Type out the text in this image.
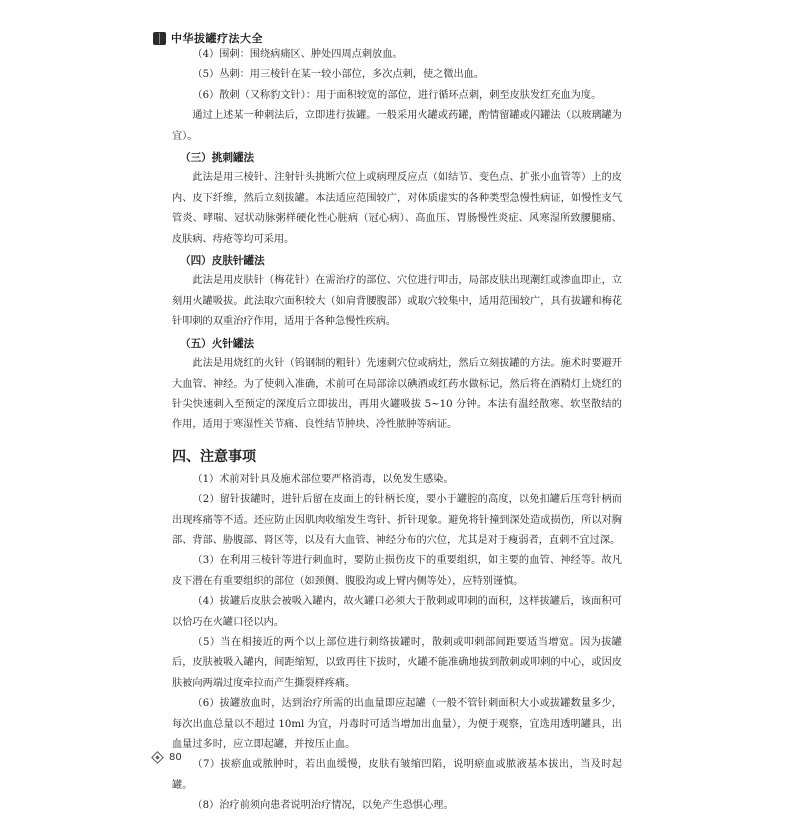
中华拔罐疗法大全

（4）围刺：围绕病痛区、肿处四周点刺放血。

（5）丛刺：用三棱针在某一较小部位，多次点刺，使之微出血。

（6）散刺（又称豹文针）：用于面积较宽的部位，进行循环点刺，刺至皮肤发红充血为度。

通过上述某一种刺法后，立即进行拔罐。一般采用火罐或药罐，酌情留罐或闪罐法（以玻璃罐为宜）。

（三）挑刺罐法

此法是用三棱针、注射针头挑断穴位上或病理反应点（如结节、变色点、扩张小血管等）上的皮内、皮下纤维，然后立刻拔罐。本法适应范围较广，对体质虚实的各种类型急慢性病证，如慢性支气管炎、哮喘、冠状动脉粥样硬化性心脏病（冠心病）、高血压、胃肠慢性炎症、风寒湿所致腰腿痛、皮肤病、痔疮等均可采用。

（四）皮肤针罐法

此法是用皮肤针（梅花针）在需治疗的部位、穴位进行叩击，局部皮肤出现潮红或渗血即止，立刻用火罐吸拔。此法取穴面积较大（如肩背腰腹部）或取穴较集中，适用范围较广，具有拔罐和梅花针叩刺的双重治疗作用，适用于各种急慢性疾病。

（五）火针罐法

此法是用烧红的火针（钨钢制的粗针）先速刺穴位或病灶，然后立刻拔罐的方法。施术时要避开大血管、神经。为了使刺入准确，术前可在局部涂以碘酒或红药水做标记，然后将在酒精灯上烧红的针尖快速刺入至预定的深度后立即拔出，再用火罐吸拔 5~10 分钟。本法有温经散寒、软坚散结的作用，适用于寒湿性关节痛、良性结节肿块、冷性脓肿等病证。

四、注意事项

（1）术前对针具及施术部位要严格消毒，以免发生感染。

（2）留针拔罐时，进针后留在皮面上的针柄长度，要小于罐腔的高度，以免扣罐后压弯针柄而出现疼痛等不适。还应防止因肌肉收缩发生弯针、折针现象。避免将针撞到深处造成损伤，所以对胸部、背部、胁腹部、肾区等，以及有大血管、神经分布的穴位，尤其是对于瘦弱者，直刺不宜过深。

（3）在利用三棱针等进行刺血时，要防止损伤皮下的重要组织，如主要的血管、神经等。故凡皮下潜在有重要组织的部位（如颈侧、腹股沟或上臂内侧等处），应特别谨慎。

（4）拔罐后皮肤会被吸入罐内，故火罐口必须大于散刺或叩刺的面积，这样拔罐后，该面积可以恰巧在火罐口径以内。

（5）当在相接近的两个以上部位进行刺络拔罐时，散刺或叩刺部间距要适当增宽。因为拔罐后，皮肤被吸入罐内，间距缩短，以致再往下拔时，火罐不能准确地拔到散刺或叩刺的中心，或因皮肤被向两端过度牵拉而产生撕裂样疼痛。

（6）拔罐放血时，达到治疗所需的出血量即应起罐（一般不管针刺面积大小或拔罐数量多少，每次出血总量以不超过 10ml 为宜，丹毒时可适当增加出血量），为便于观察，宜选用透明罐具，出血量过多时，应立即起罐，并按压止血。

（7）拔瘀血或脓肿时，若出血缓慢，皮肤有皱缩凹陷，说明瘀血或脓液基本拔出，当及时起罐。

（8）治疗前须向患者说明治疗情况，以免产生恐惧心理。

80
